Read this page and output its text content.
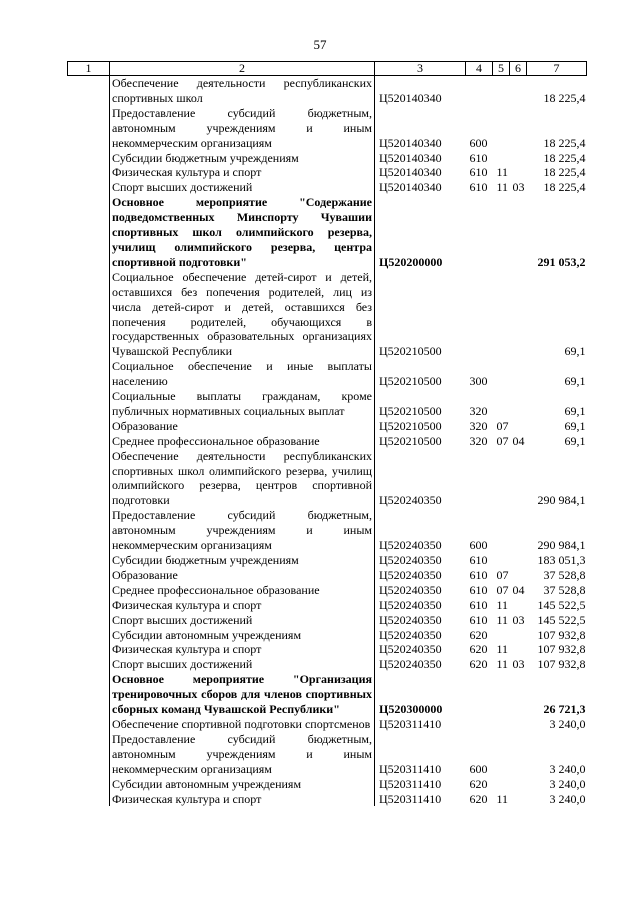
57
1	2	3	4	5	6	7
	Обеспечение деятельности республиканских спортивных школ	Ц520140340				18 225,4
	Предоставление субсидий бюджетным, автономным учреждениям и иным некоммерческим организациям	Ц520140340	600			18 225,4
	Субсидии бюджетным учреждениям	Ц520140340	610			18 225,4
	Физическая культура и спорт	Ц520140340	610	11		18 225,4
	Спорт высших достижений	Ц520140340	610	11	03	18 225,4
	Основное мероприятие "Содержание подведомственных Минспорту Чувашии спортивных школ олимпийского резерва, училищ олимпийского резерва, центра спортивной подготовки"	Ц520200000				291 053,2
	Социальное обеспечение детей-сирот и детей, оставшихся без попечения родителей, лиц из числа детей-сирот и детей, оставшихся без попечения родителей, обучающихся в государственных образовательных организациях Чувашской Республики	Ц520210500				69,1
	Социальное обеспечение и иные выплаты населению	Ц520210500	300			69,1
	Социальные выплаты гражданам, кроме публичных нормативных социальных выплат	Ц520210500	320			69,1
	Образование	Ц520210500	320	07		69,1
	Среднее профессиональное образование	Ц520210500	320	07	04	69,1
	Обеспечение деятельности республиканских спортивных школ олимпийского резерва, училищ олимпийского резерва, центров спортивной подготовки	Ц520240350				290 984,1
	Предоставление субсидий бюджетным, автономным учреждениям и иным некоммерческим организациям	Ц520240350	600			290 984,1
	Субсидии бюджетным учреждениям	Ц520240350	610			183 051,3
	Образование	Ц520240350	610	07		37 528,8
	Среднее профессиональное образование	Ц520240350	610	07	04	37 528,8
	Физическая культура и спорт	Ц520240350	610	11		145 522,5
	Спорт высших достижений	Ц520240350	610	11	03	145 522,5
	Субсидии автономным учреждениям	Ц520240350	620			107 932,8
	Физическая культура и спорт	Ц520240350	620	11		107 932,8
	Спорт высших достижений	Ц520240350	620	11	03	107 932,8
	Основное мероприятие "Организация тренировочных сборов для членов спортивных сборных команд Чувашской Республики"	Ц520300000				26 721,3
	Обеспечение спортивной подготовки спортсменов	Ц520311410				3 240,0
	Предоставление субсидий бюджетным, автономным учреждениям и иным некоммерческим организациям	Ц520311410	600			3 240,0
	Субсидии автономным учреждениям	Ц520311410	620			3 240,0
	Физическая культура и спорт	Ц520311410	620	11		3 240,0
